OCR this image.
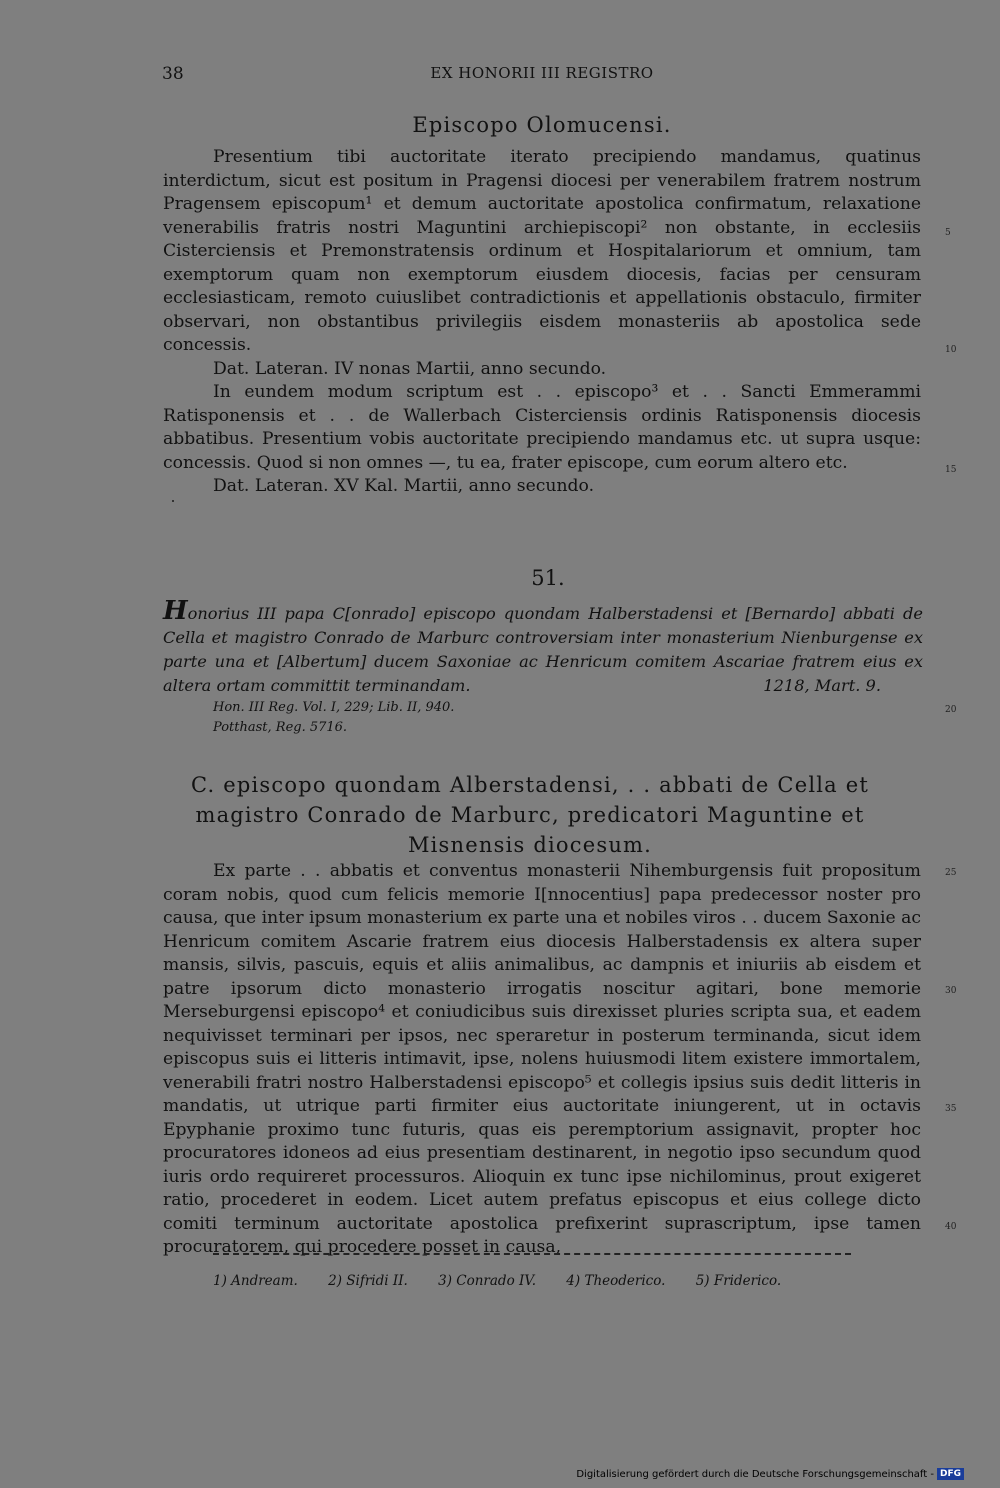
38	EX HONORII III REGISTRO
Episcopo Olomucensi.

Presentium tibi auctoritate iterato precipiendo mandamus, quatinus interdictum, sicut est positum in Pragensi diocesi per venerabilem fratrem nostrum Pragensem episcopum¹ et demum auctoritate apostolica confirmatum, relaxatione venerabilis fratris nostri Maguntini archiepiscopi² non obstante, in ecclesiis Cisterciensis et Premonstratensis ordinum et Hospitalariorum et omnium, tam exemptorum quam non exemptorum eiusdem diocesis, facias per censuram ecclesiasticam, remoto cuiuslibet contradictionis et appellationis obstaculo, firmiter observari, non obstantibus privilegiis eisdem monasteriis ab apostolica sede concessis.

Dat. Lateran. IV nonas Martii, anno secundo.

In eundem modum scriptum est . . episcopo³ et . . Sancti Emmerammi Ratisponensis et . . de Wallerbach Cisterciensis ordinis Ratisponensis diocesis abbatibus. Presentium vobis auctoritate precipiendo mandamus etc. ut supra usque: concessis. Quod si non omnes —, tu ea, frater episcope, cum eorum altero etc.

Dat. Lateran. XV Kal. Martii, anno secundo.

5
10
15
51.
Honorius III papa C[onrado] episcopo quondam Halberstadensi et [Bernardo] abbati de Cella et magistro Conrado de Marburc controversiam inter monasterium Nienburgense ex parte una et [Albertum] ducem Saxoniae ac Henricum comitem Ascariae fratrem eius ex altera ortam committit terminandam.	1218, Mart. 9.
Hon. III Reg. Vol. I, 229; Lib. II, 940.
Potthast, Reg. 5716.
20
C. episcopo quondam Alberstadensi, . . abbati de Cella et magistro Conrado de Marburc, predicatori Maguntine et Misnensis diocesum.

Ex parte . . abbatis et conventus monasterii Nihemburgensis fuit propositum coram nobis, quod cum felicis memorie I[nnocentius] papa predecessor noster pro causa, que inter ipsum monasterium ex parte una et nobiles viros . . ducem Saxonie ac Henricum comitem Ascarie fratrem eius diocesis Halberstadensis ex altera super mansis, silvis, pascuis, equis et aliis animalibus, ac dampnis et iniuriis ab eisdem et patre ipsorum dicto monasterio irrogatis noscitur agitari, bone memorie Merseburgensi episcopo⁴ et coniudicibus suis direxisset pluries scripta sua, et eadem nequivisset terminari per ipsos, nec speraretur in posterum terminanda, sicut idem episcopus suis ei litteris intimavit, ipse, nolens huiusmodi litem existere immortalem, venerabili fratri nostro Halberstadensi episcopo⁵ et collegis ipsius suis dedit litteris in mandatis, ut utrique parti firmiter eius auctoritate iniungerent, ut in octavis Epyphanie proximo tunc futuris, quas eis peremptorium assignavit, propter hoc procuratores idoneos ad eius presentiam destinarent, in negotio ipso secundum quod iuris ordo requireret processuros. Alioquin ex tunc ipse nichilominus, prout exigeret ratio, procederet in eodem. Licet autem prefatus episcopus et eius college dicto comiti terminum auctoritate apostolica prefixerint suprascriptum, ipse tamen procuratorem, qui procedere posset in causa,

25
30
35
40
1) Andream. 2) Sifridi II. 3) Conrado IV. 4) Theoderico. 5) Friderico.
Digitalisierung gefördert durch die Deutsche Forschungsgemeinschaft - DFG
